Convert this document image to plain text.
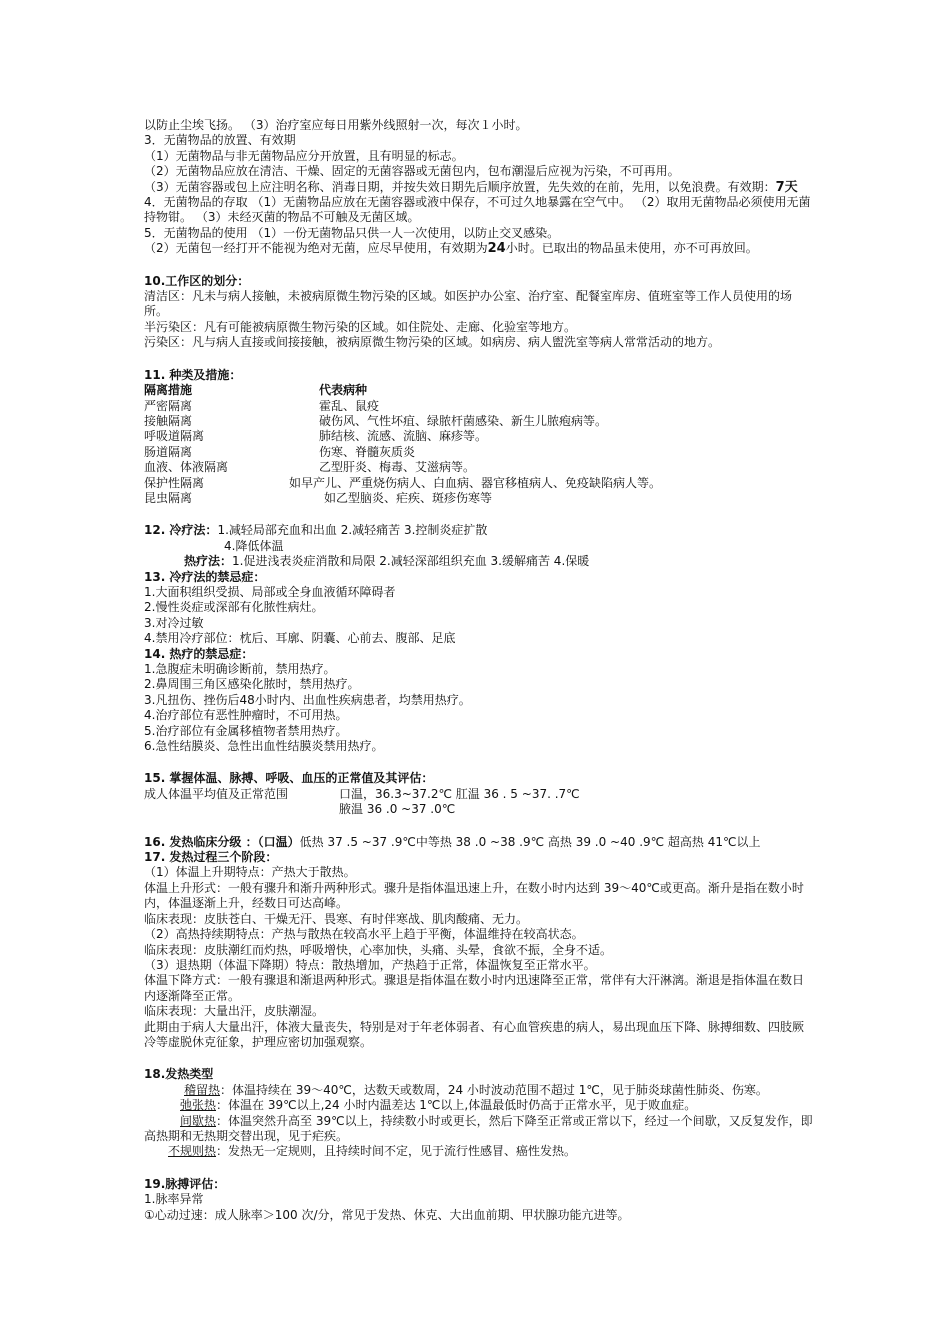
以防止尘埃飞扬。 （3）治疗室应每日用紫外线照射一次，每次１小时。
3．无菌物品的放置、有效期
（1）无菌物品与非无菌物品应分开放置，且有明显的标志。
（2）无菌物品应放在清洁、干燥、固定的无菌容器或无菌包内，包布潮湿后应视为污染，不可再用。
（3）无菌容器或包上应注明名称、消毒日期，并按失效日期先后顺序放置，先失效的在前，先用，以免浪费。有效期：7天
4．无菌物品的存取 （1）无菌物品应放在无菌容器或液中保存，不可过久地暴露在空气中。 （2）取用无菌物品必须使用无菌持物钳。 （3）未经灭菌的物品不可触及无菌区域。
5．无菌物品的使用 （1）一份无菌物品只供一人一次使用，以防止交叉感染。
（2）无菌包一经打开不能视为绝对无菌，应尽早使用，有效期为24小时。已取出的物品虽未使用，亦不可再放回。
10.工作区的划分：
清洁区：凡未与病人接触，未被病原微生物污染的区域。如医护办公室、治疗室、配餐室库房、值班室等工作人员使用的场所。
半污染区：凡有可能被病原微生物污染的区域。如住院处、走廊、化验室等地方。
污染区：凡与病人直接或间接接触，被病原微生物污染的区域。如病房、病人盥洗室等病人常常活动的地方。
11. 种类及措施：
隔离措施	代表病种
严密隔离	霍乱、鼠疫
接触隔离	破伤风、气性坏疽、绿脓杆菌感染、新生儿脓疱病等。
呼吸道隔离	肺结核、流感、流脑、麻疹等。
肠道隔离	伤寒、脊髓灰质炎
血液、体液隔离	乙型肝炎、梅毒、艾滋病等。
保护性隔离	如早产儿、严重烧伤病人、白血病、器官移植病人、免疫缺陷病人等。
昆虫隔离	如乙型脑炎、疟疾、斑疹伤寒等
12. 冷疗法：1.减轻局部充血和出血 2.减轻痛苦 3.控制炎症扩散
4.降低体温
热疗法：1.促进浅表炎症消散和局限 2.减轻深部组织充血 3.缓解痛苦 4.保暖
13. 冷疗法的禁忌症：
1.大面积组织受损、局部或全身血液循环障碍者
2.慢性炎症或深部有化脓性病灶。
3.对冷过敏
4.禁用冷疗部位：枕后、耳廓、阴囊、心前去、腹部、足底
14. 热疗的禁忌症：
1.急腹症未明确诊断前，禁用热疗。
2.鼻周围三角区感染化脓时，禁用热疗。
3.凡扭伤、挫伤后48小时内、出血性疾病患者，均禁用热疗。
4.治疗部位有恶性肿瘤时，不可用热。
5.治疗部位有金属移植物者禁用热疗。
6.急性结膜炎、急性出血性结膜炎禁用热疗。
15. 掌握体温、脉搏、呼吸、血压的正常值及其评估：
成人体温平均值及正常范围	口温，36.3~37.2℃ 肛温 36 . 5 ~37. .7℃
腋温 36 .0 ~37 .0℃
16. 发热临床分级 ：（口温）低热 37 .5 ~37 .9℃中等热 38 .0 ~38 .9℃ 高热 39 .0 ~40 .9℃ 超高热 41℃以上
17. 发热过程三个阶段：
（1）体温上升期特点：产热大于散热。
体温上升形式：一般有骤升和渐升两种形式。骤升是指体温迅速上升，在数小时内达到 39～40℃或更高。渐升是指在数小时内，体温逐渐上升，经数日可达高峰。
临床表现：皮肤苍白、干燥无汗、畏寒、有时伴寒战、肌肉酸痛、无力。
（2）高热持续期特点：产热与散热在较高水平上趋于平衡，体温维持在较高状态。
临床表现：皮肤潮红而灼热，呼吸增快，心率加快，头痛、头晕，食欲不振，全身不适。
（3）退热期（体温下降期）特点：散热增加，产热趋于正常，体温恢复至正常水平。
体温下降方式：一般有骤退和渐退两种形式。骤退是指体温在数小时内迅速降至正常，常伴有大汗淋漓。渐退是指体温在数日内逐渐降至正常。
临床表现：大量出汗，皮肤潮湿。
此期由于病人大量出汗，体液大量丧失，特别是对于年老体弱者、有心血管疾患的病人，易出现血压下降、脉搏细数、四肢厥冷等虚脱休克征象，护理应密切加强观察。
18.发热类型
稽留热：体温持续在 39～40℃，达数天或数周，24 小时波动范围不超过 1℃，见于肺炎球菌性肺炎、伤寒。
弛张热：体温在 39℃以上,24 小时内温差达 1℃以上,体温最低时仍高于正常水平，见于败血症。
间歇热：体温突然升高至 39℃以上，持续数小时或更长，然后下降至正常或正常以下，经过一个间歇，又反复发作，即高热期和无热期交替出现，见于疟疾。
不规则热：发热无一定规则，且持续时间不定，见于流行性感冒、癌性发热。
19.脉搏评估：
1.脉率异常
①心动过速：成人脉率＞100 次/分，常见于发热、休克、大出血前期、甲状腺功能亢进等。
